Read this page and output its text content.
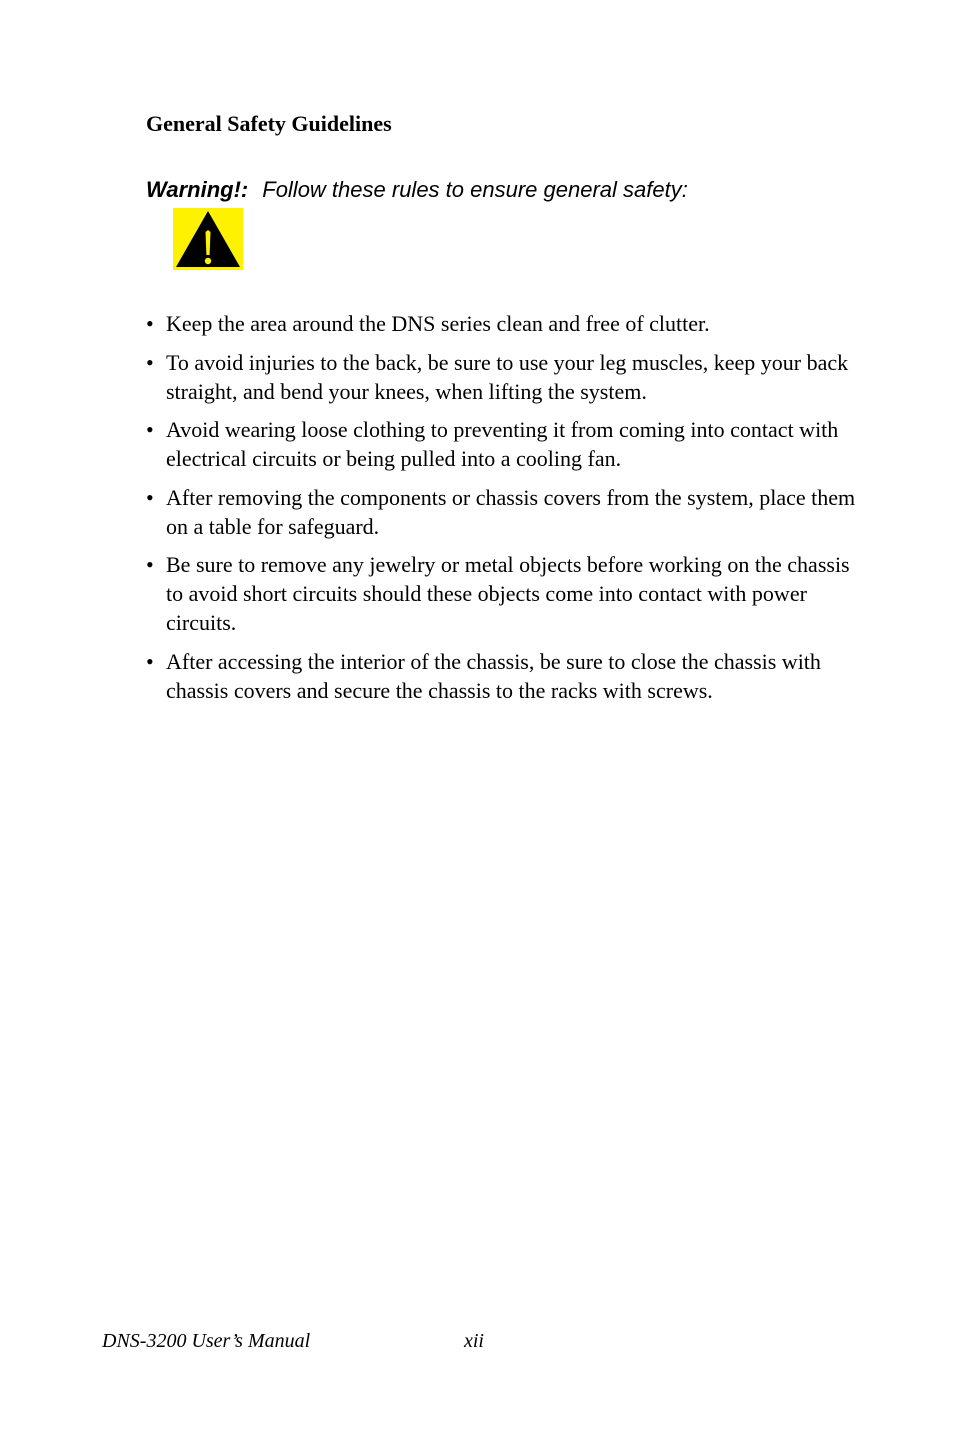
General Safety Guidelines
Warning!: Follow these rules to ensure general safety:
• Keep the area around the DNS series clean and free of clutter.
• To avoid injuries to the back, be sure to use your leg muscles, keep your back straight, and bend your knees, when lifting the system.
• Avoid wearing loose clothing to preventing it from coming into contact with electrical circuits or being pulled into a cooling fan.
• After removing the components or chassis covers from the system, place them on a table for safeguard.
• Be sure to remove any jewelry or metal objects before working on the chassis to avoid short circuits should these objects come into contact with power circuits.
• After accessing the interior of the chassis, be sure to close the chassis with chassis covers and secure the chassis to the racks with screws.
DNS-3200 User’s Manual	xii
